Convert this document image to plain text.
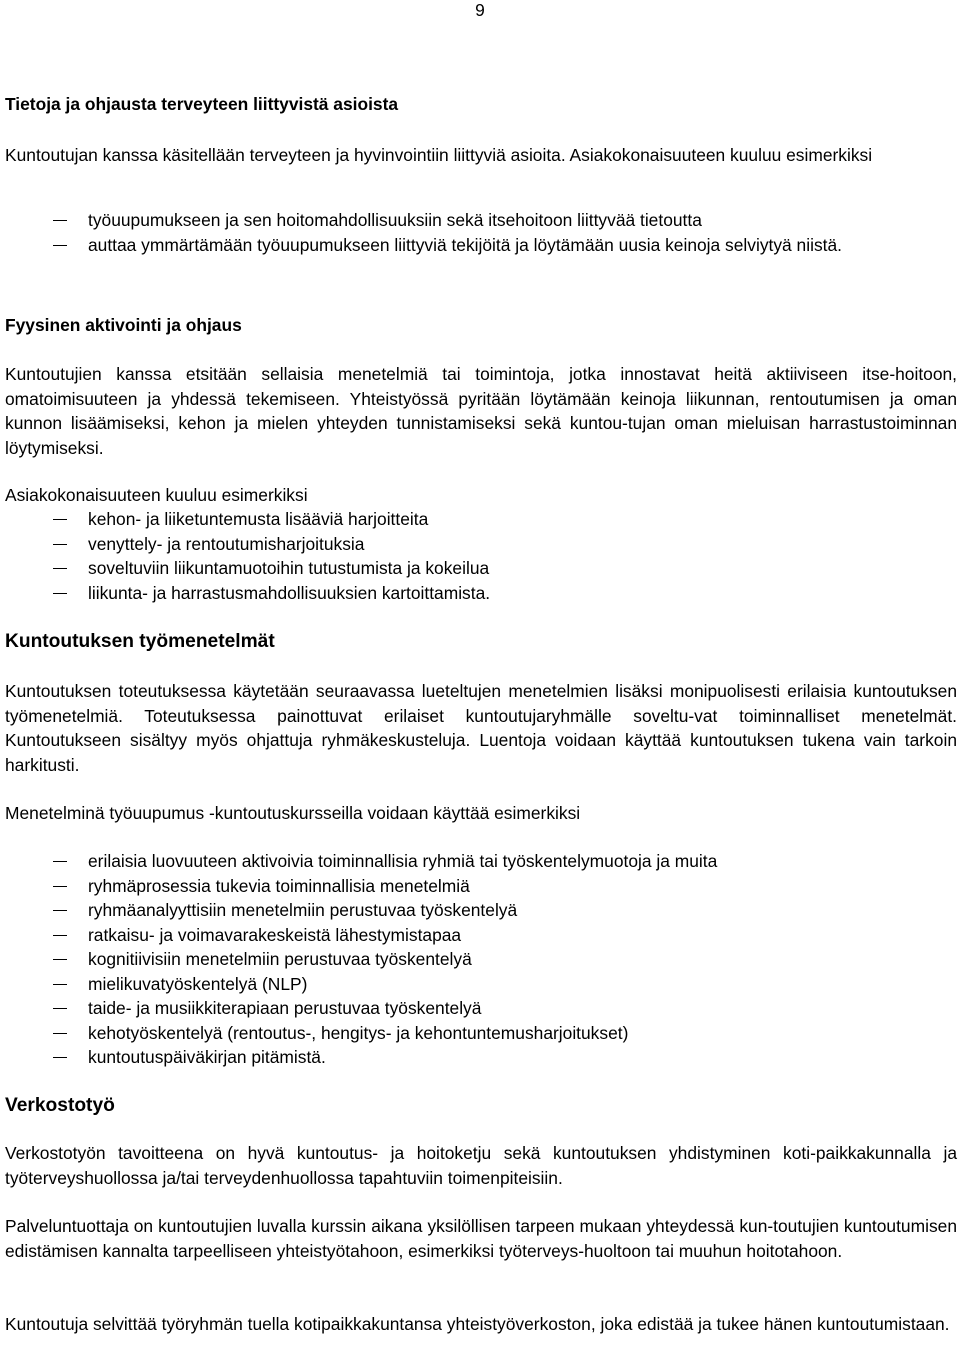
9
Tietoja ja ohjausta terveyteen liittyvistä asioista
Kuntoutujan kanssa käsitellään terveyteen ja hyvinvointiin liittyviä asioita. Asiakokonaisuuteen kuuluu esimerkiksi
työuupumukseen ja sen hoitomahdollisuuksiin sekä itsehoitoon liittyvää tietoutta
auttaa ymmärtämään työuupumukseen liittyviä tekijöitä ja löytämään uusia keinoja selviytyä niistä.
Fyysinen aktivointi ja ohjaus
Kuntoutujien kanssa etsitään sellaisia menetelmiä tai toimintoja, jotka innostavat heitä aktiiviseen itse-hoitoon, omatoimisuuteen ja yhdessä tekemiseen. Yhteistyössä pyritään löytämään keinoja liikunnan, rentoutumisen ja oman kunnon lisäämiseksi, kehon ja mielen yhteyden tunnistamiseksi sekä kuntou-tujan oman mieluisan harrastustoiminnan löytymiseksi.
Asiakokonaisuuteen kuuluu esimerkiksi
kehon- ja liiketuntemusta lisääviä harjoitteita
venyttely- ja rentoutumisharjoituksia
soveltuviin liikuntamuotoihin tutustumista ja kokeilua
liikunta- ja harrastusmahdollisuuksien kartoittamista.
Kuntoutuksen työmenetelmät
Kuntoutuksen toteutuksessa käytetään seuraavassa lueteltujen menetelmien lisäksi monipuolisesti erilaisia kuntoutuksen työmenetelmiä. Toteutuksessa painottuvat erilaiset kuntoutujaryhmälle soveltu-vat toiminnalliset menetelmät. Kuntoutukseen sisältyy myös ohjattuja ryhmäkeskusteluja. Luentoja voidaan käyttää kuntoutuksen tukena vain tarkoin harkitusti.
Menetelminä työuupumus -kuntoutuskursseilla voidaan käyttää esimerkiksi
erilaisia luovuuteen aktivoivia toiminnallisia ryhmiä tai työskentelymuotoja ja muita
ryhmäprosessia tukevia toiminnallisia menetelmiä
ryhmäanalyyttisiin menetelmiin perustuvaa työskentelyä
ratkaisu- ja voimavarakeskeistä lähestymistapaa
kognitiivisiin menetelmiin perustuvaa työskentelyä
mielikuvatyöskentelyä (NLP)
taide- ja musiikkiterapiaan perustuvaa työskentelyä
kehotyöskentelyä (rentoutus-, hengitys- ja kehontuntemusharjoitukset)
kuntoutuspäiväkirjan pitämistä.
Verkostotyö
Verkostotyön tavoitteena on hyvä kuntoutus- ja hoitoketju sekä kuntoutuksen yhdistyminen koti-paikkakunnalla ja työterveyshuollossa ja/tai terveydenhuollossa tapahtuviin toimenpiteisiin.
Palveluntuottaja on kuntoutujien luvalla kurssin aikana yksilöllisen tarpeen mukaan yhteydessä kun-toutujien kuntoutumisen edistämisen kannalta tarpeelliseen yhteistyötahoon, esimerkiksi työterveys-huoltoon tai muuhun hoitotahoon.
Kuntoutuja selvittää työryhmän tuella kotipaikkakuntansa yhteistyöverkoston, joka edistää ja tukee hänen kuntoutumistaan.
